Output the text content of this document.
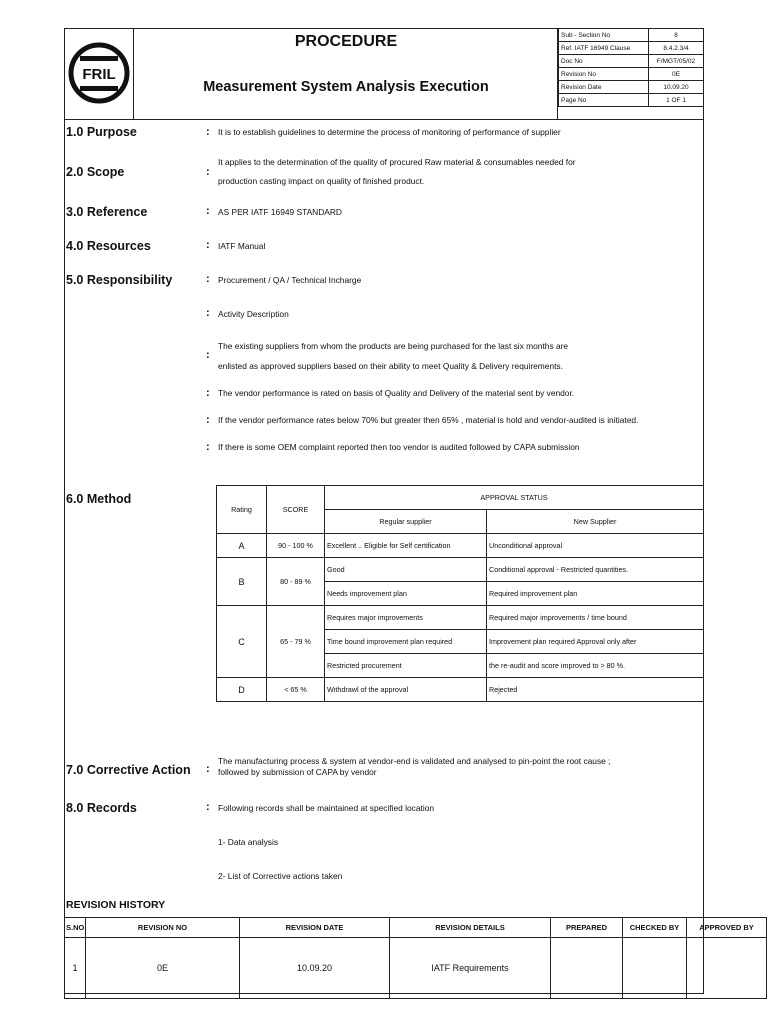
FRIL
PROCEDURE
Measurement System Analysis Execution
Sub - Section No	8
Ref. IATF 16949 Clause	8.4.2.3/4
Doc No	F/MGT/05/02
Revision No	0E
Revision Date	10.09.20
Page No	1 OF 1
1.0 Purpose	: It is to establish guidelines to determine the process of monitoring of performance of supplier
2.0 Scope	:
It applies to the determination of the quality of procured Raw material & consumables needed for
production casting impact on quality of finished product.
3.0 Reference	: AS PER IATF 16949 STANDARD
4.0 Resources	: IATF Manual
5.0 Responsibility	: Procurement / QA / Technical Incharge
: Activity Description
:
The existing suppliers from whom the products are being purchased for the last six months are
enlisted as approved suppliers based on their ability to meet Quality & Delivery requirements.
: The vendor performance is rated on basis of Quality and Delivery of the material sent by vendor.
: If the vendor performance rates below 70% but greater then 65% , material is hold and vendor-audited is initiated.
: If there is some OEM complaint reported then too vendor is audited followed by CAPA submission
6.0 Method
Rating	SCORE	APPROVAL STATUS	
		Regular supplier	New Supplier
A	90 - 100 %	Excellent .. Eligible for Self certification	Unconditional approval
B	80 - 89 %	Good	Conditional approval - Restricted quantities.
		Needs improvement plan	Required improvement plan
C	65 - 79 %	Requires major improvements	Required major improvements / time bound
		Time bound improvement plan required	Improvement plan required Approval only after
		Restricted procurement	the re-audit and score improved to > 80 %.
D	< 65 %	Withdrawl of the approval	Rejected
7.0 Corrective Action :
The manufacturing process & system at vendor-end is validated and analysed to pin-point the root cause ;
followed by submission of CAPA by vendor
8.0 Records	: Following records shall be maintained at specified location
1- Data analysis
2- List of Corrective actions taken
REVISION HISTORY
S.NO	REVISION NO	REVISION DATE	REVISION DETAILS	PREPARED	CHECKED BY	APPROVED BY
1	0E	10.09.20	IATF Requirements			
